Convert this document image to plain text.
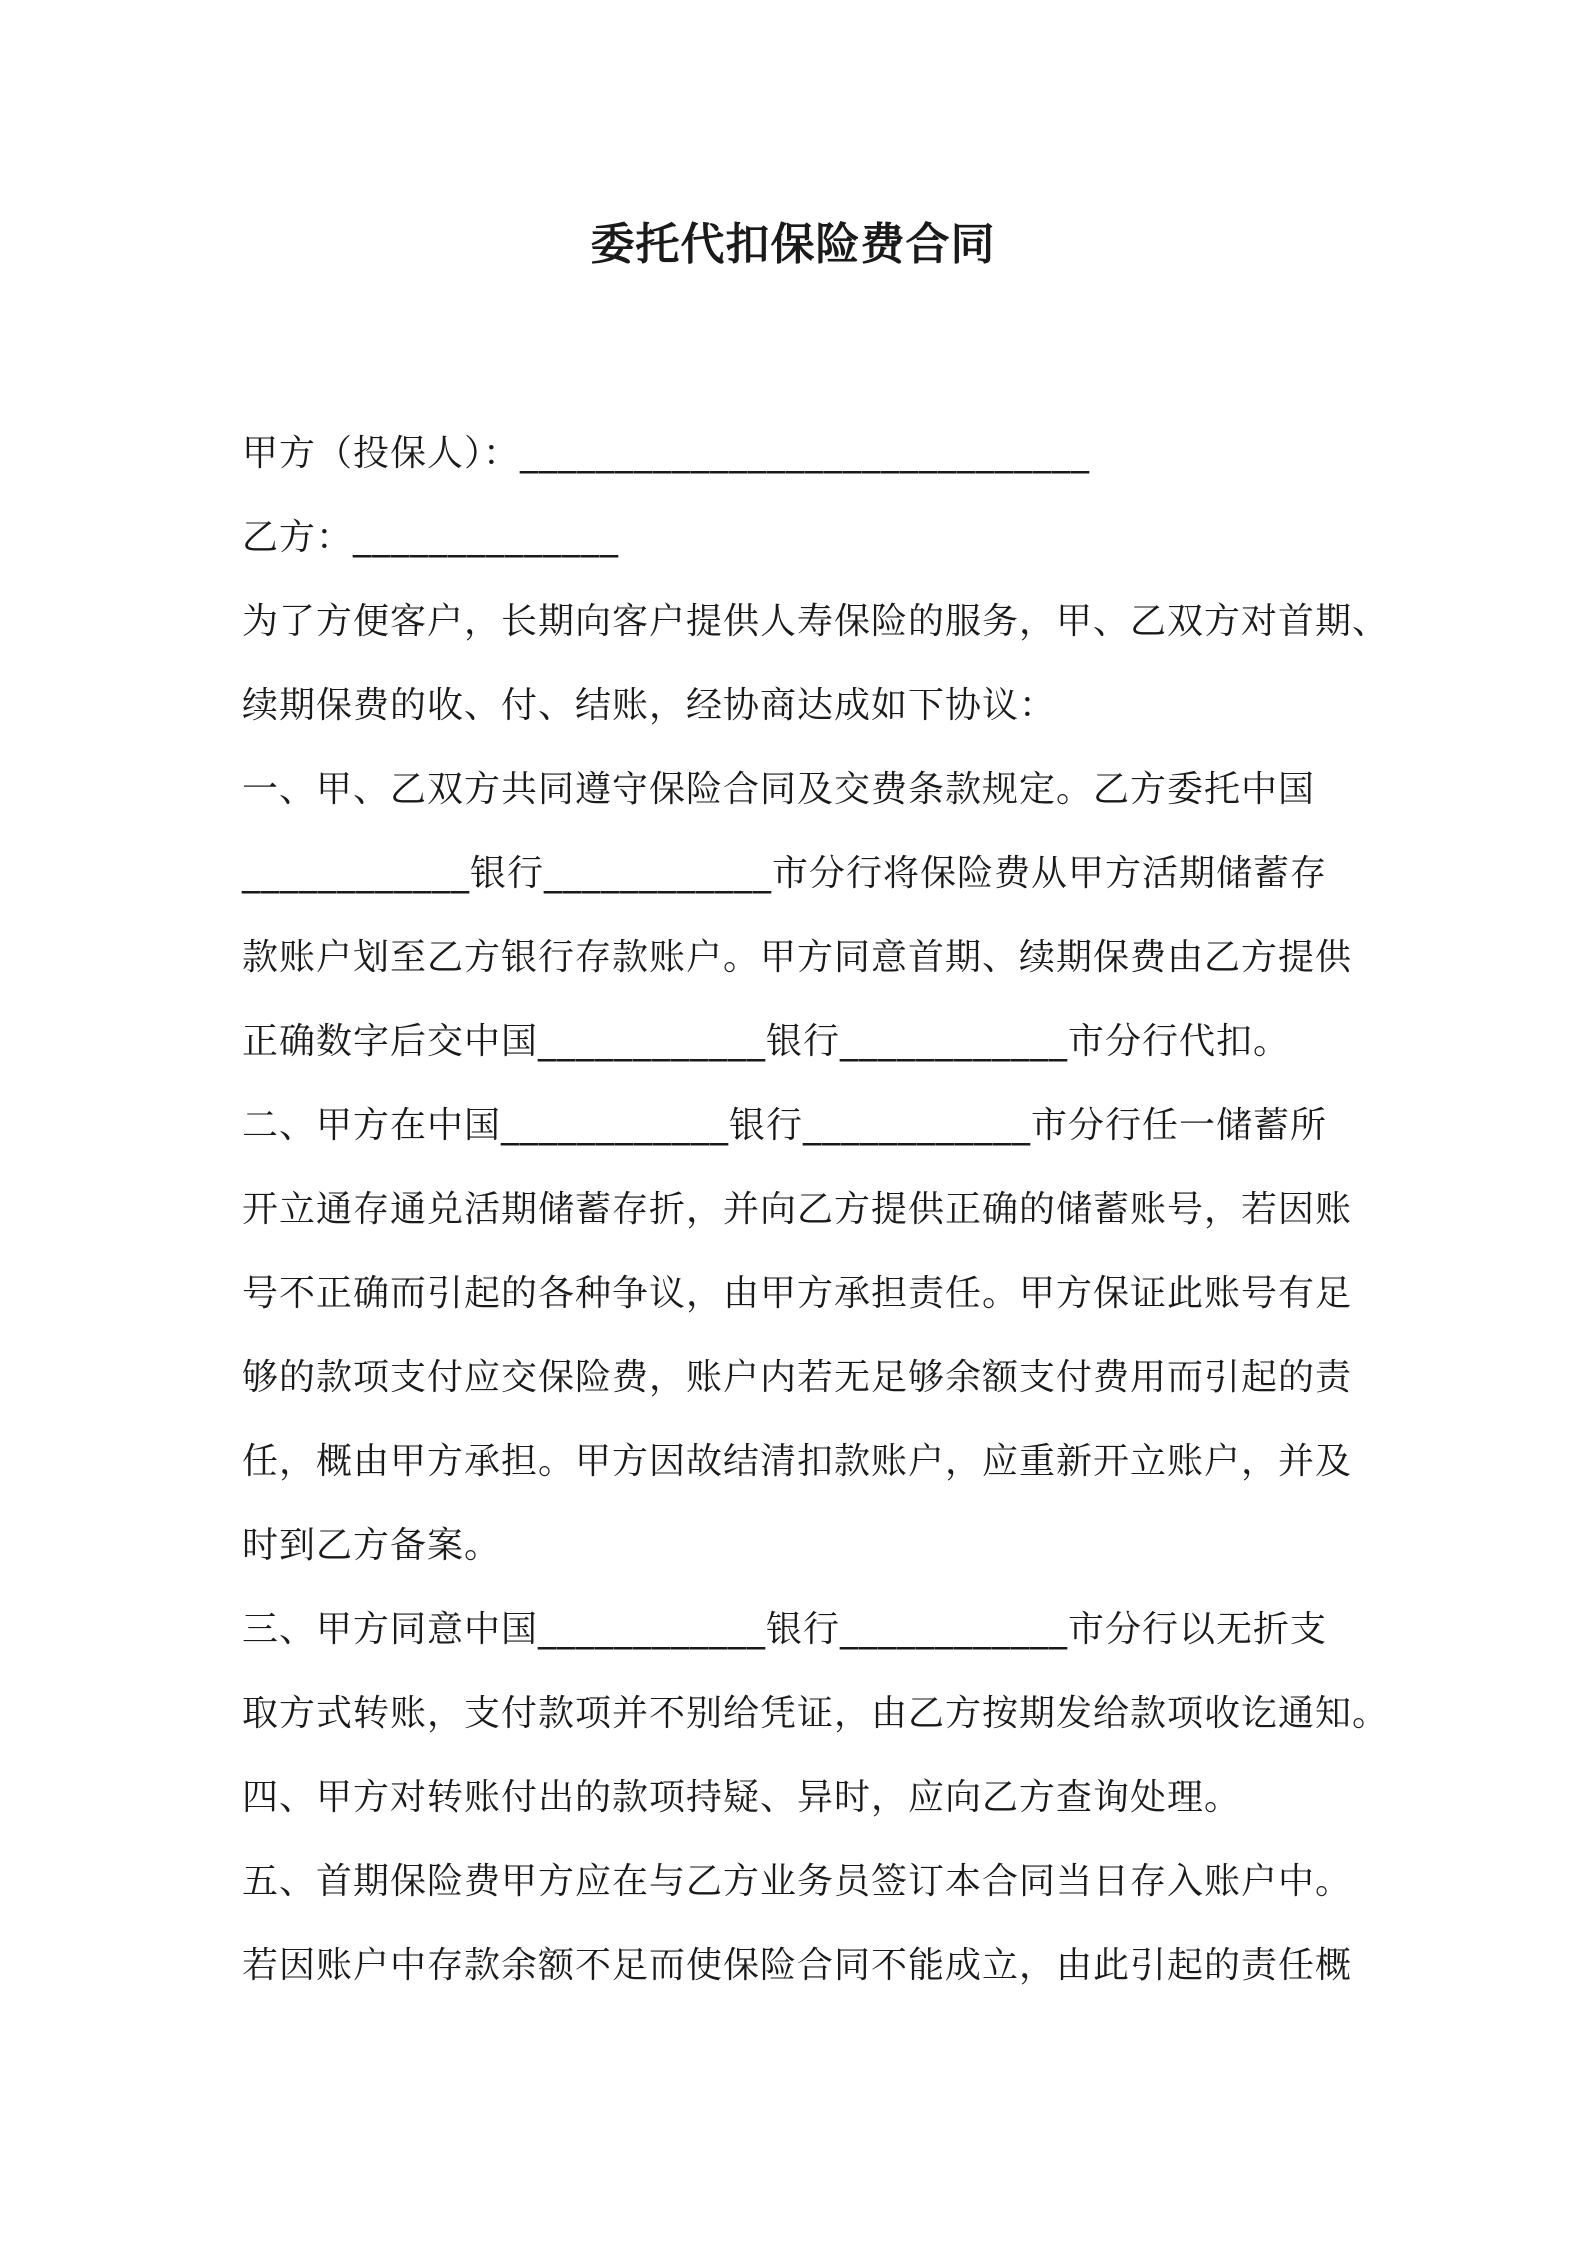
委托代扣保险费合同
甲方（投保人）：______________________________
乙方：______________
为了方便客户，长期向客户提供人寿保险的服务，甲、乙双方对首期、
续期保费的收、付、结账，经协商达成如下协议：
一、甲、乙双方共同遵守保险合同及交费条款规定。乙方委托中国
____________银行____________市分行将保险费从甲方活期储蓄存
款账户划至乙方银行存款账户。甲方同意首期、续期保费由乙方提供
正确数字后交中国____________银行____________市分行代扣。
二、甲方在中国____________银行____________市分行任一储蓄所
开立通存通兑活期储蓄存折，并向乙方提供正确的储蓄账号，若因账
号不正确而引起的各种争议，由甲方承担责任。甲方保证此账号有足
够的款项支付应交保险费，账户内若无足够余额支付费用而引起的责
任，概由甲方承担。甲方因故结清扣款账户，应重新开立账户，并及
时到乙方备案。
三、甲方同意中国____________银行____________市分行以无折支
取方式转账，支付款项并不别给凭证，由乙方按期发给款项收讫通知。
四、甲方对转账付出的款项持疑、异时，应向乙方查询处理。
五、首期保险费甲方应在与乙方业务员签订本合同当日存入账户中。
若因账户中存款余额不足而使保险合同不能成立，由此引起的责任概
